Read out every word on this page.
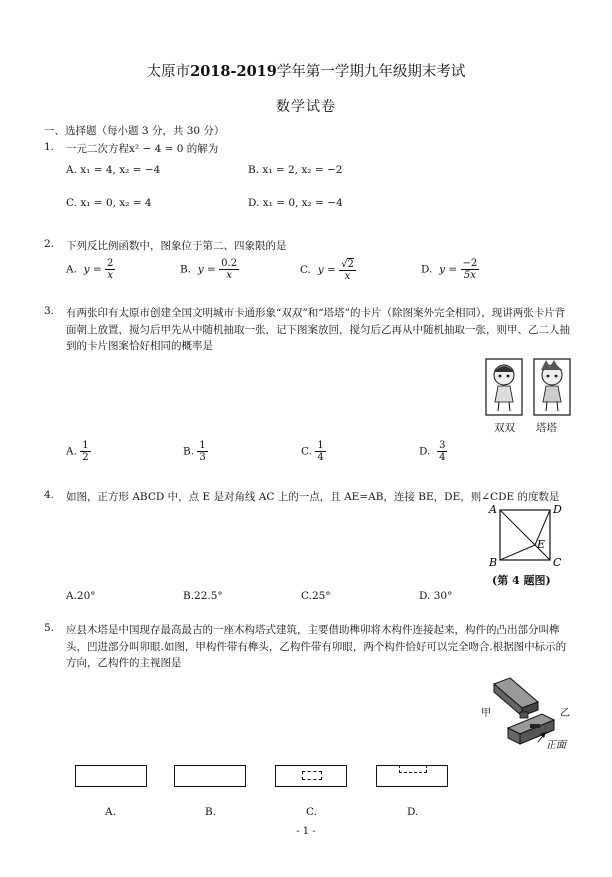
太原市2018-2019学年第一学期九年级期末考试
数学试卷
一、选择题（每小题 3 分，共 30 分）
1. 一元二次方程x² − 4 = 0 的解为
A. x₁ = 4, x₂ = −4	B. x₁ = 2, x₂ = −2
C. x₁ = 0, x₂ = 4	D. x₁ = 0, x₂ = −4
2. 下列反比例函数中，图象位于第二、四象限的是
A. $y = \frac{2}{x}$	B. $y = \frac{0.2}{x}$	C. $y = \frac{√2}{x}$	D. $y = \frac{-2}{5x}$
3. 有两张印有太原市创建全国文明城市卡通形象“双双”和“塔塔”的卡片（除图案外完全相同），现讲两张卡片背面朝上放置，搅匀后甲先从中随机抽取一张，记下图案放回，搅匀后乙再从中随机抽取一张，则甲、乙二人抽到的卡片图案恰好相同的概率是
双双 塔塔
A. $\frac{1}{2}$	B. $\frac{1}{3}$	C. $\frac{1}{4}$	D. $\frac{3}{4}$
4. 如图，正方形 ABCD 中，点 E 是对角线 AC 上的一点，且 AE=AB，连接 BE，DE，则∠CDE 的度数是
A	D
B	C
E
(第 4 题图)
A.20°	B.22.5°	C.25°	D. 30°
5. 应县木塔是中国现存最高最古的一座木构塔式建筑，主要借助榫卯将木构件连接起来，构件的凸出部分叫榫头，凹进部分叫卯眼.如图，甲构件带有榫头，乙构件带有卯眼，两个构件恰好可以完全吻合.根据图中标示的方向，乙构件的主视图是
甲	乙
正面
A.	B.	C.	D.
- 1 -
